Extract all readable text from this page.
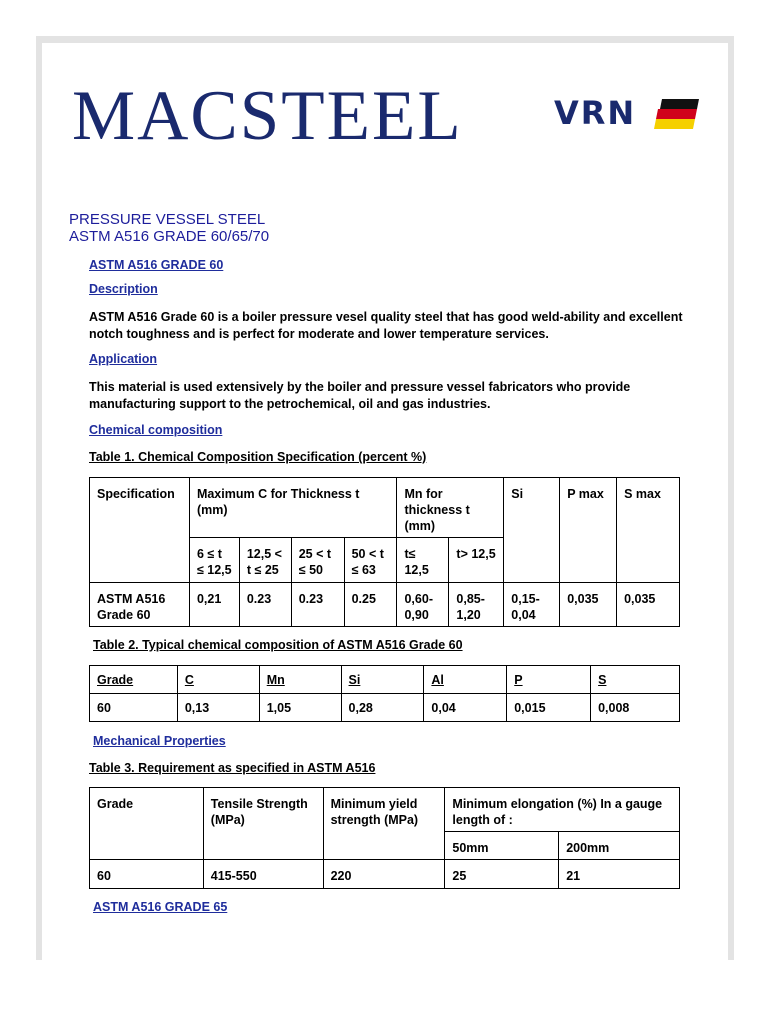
MACSTEEL	VRN
PRESSURE VESSEL STEEL
ASTM A516 GRADE 60/65/70
ASTM A516 GRADE 60
Description
ASTM A516 Grade 60 is a boiler pressure vesel quality steel that has good weld-ability and excellent notch toughness and is perfect for moderate and lower temperature services.
Application
This material is used extensively by the boiler and pressure vessel fabricators who provide manufacturing support to the petrochemical, oil and gas industries.
Chemical composition
Table 1. Chemical Composition Specification (percent %)
Specification	Maximum C for Thickness t (mm)				Mn for thickness t (mm)		Si	P max	S max
	6 ≤ t ≤ 12,5	12,5 < t ≤ 25	25 < t ≤ 50	50 < t ≤ 63	t≤ 12,5	t> 12,5			
ASTM A516 Grade 60	0,21	0.23	0.23	0.25	0,60-0,90	0,85-1,20	0,15-0,04	0,035	0,035
Table 2. Typical chemical composition of ASTM A516 Grade 60
Grade	C	Mn	Si	Al	P	S
60	0,13	1,05	0,28	0,04	0,015	0,008
Mechanical Properties
Table 3. Requirement as specified in ASTM A516
Grade	Tensile Strength (MPa)	Minimum yield strength (MPa)	Minimum elongation (%) In a gauge length of :	
			50mm	200mm
60	415-550	220	25	21
ASTM A516 GRADE 65
